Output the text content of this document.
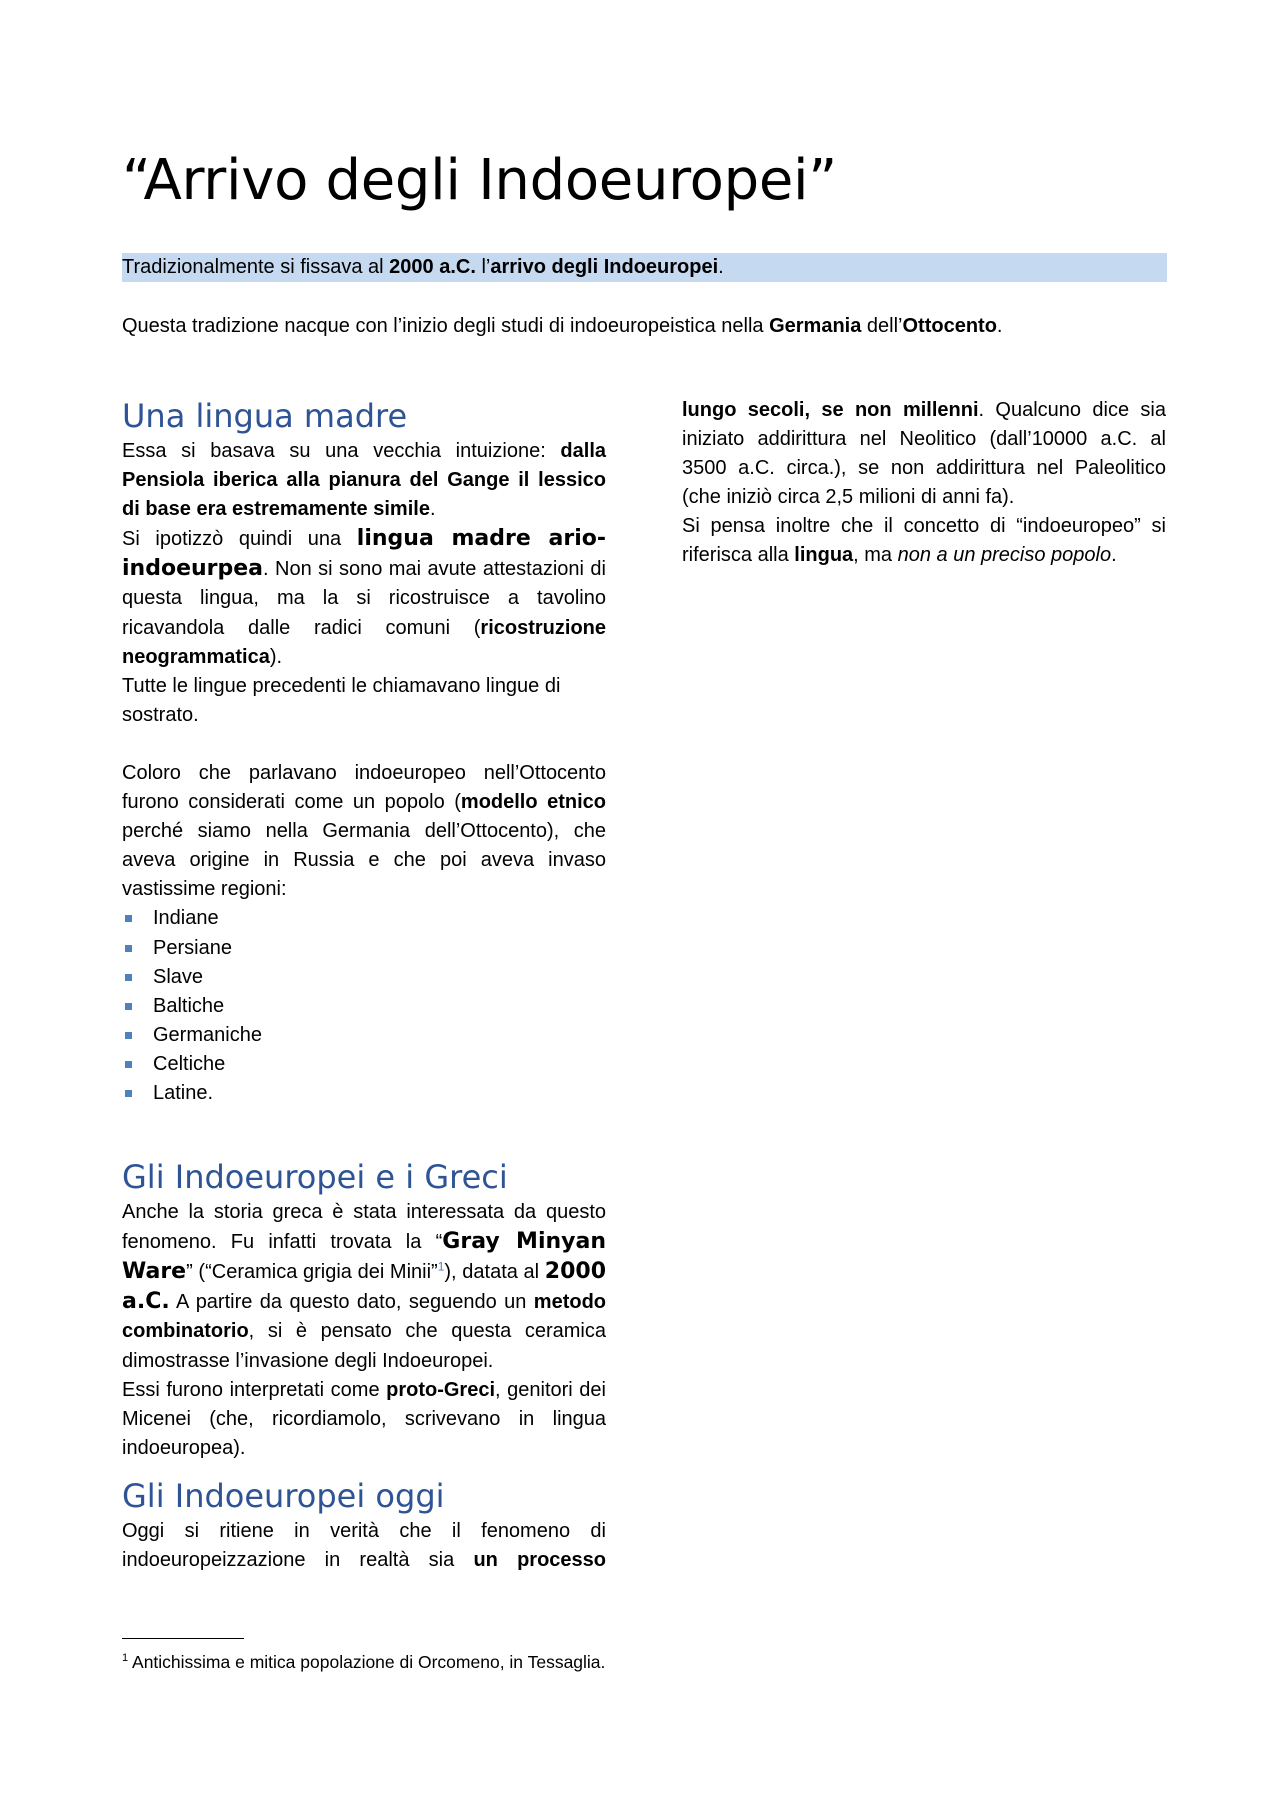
“Arrivo degli Indoeuropei”
Tradizionalmente si fissava al 2000 a.C. l’arrivo degli Indoeuropei.
Questa tradizione nacque con l’inizio degli studi di indoeuropeistica nella Germania dell’Ottocento.
Una lingua madre

Essa si basava su una vecchia intuizione: dalla Pensiola iberica alla pianura del Gange il lessico di base era estremamente simile.

Si ipotizzò quindi una lingua madre ario-indoeurpea. Non si sono mai avute attestazioni di questa lingua, ma la si ricostruisce a tavolino ricavandola dalle radici comuni (ricostruzione neogrammatica).

Tutte le lingue precedenti le chiamavano lingue di sostrato.

Coloro che parlavano indoeuropeo nell’Ottocento furono considerati come un popolo (modello etnico perché siamo nella Germania dell’Ottocento), che aveva origine in Russia e che poi aveva invaso vastissime regioni:

Indiane
Persiane
Slave
Baltiche
Germaniche
Celtiche
Latine.
Gli Indoeuropei e i Greci

Anche la storia greca è stata interessata da questo fenomeno. Fu infatti trovata la “Gray Minyan Ware” (“Ceramica grigia dei Minii”$^1$), datata al 2000 a.C. A partire da questo dato, seguendo un metodo combinatorio, si è pensato che questa ceramica dimostrasse l’invasione degli Indoeuropei.

Essi furono interpretati come proto-Greci, genitori dei Micenei (che, ricordiamolo, scrivevano in lingua indoeuropea).

Gli Indoeuropei oggi

Oggi si ritiene in verità che il fenomeno di indoeuropeizzazione in realtà sia un processo

lungo secoli, se non millenni. Qualcuno dice sia iniziato addirittura nel Neolitico (dall’10000 a.C. al 3500 a.C. circa.), se non addirittura nel Paleolitico (che iniziò circa 2,5 milioni di anni fa).

Si pensa inoltre che il concetto di “indoeuropeo” si riferisca alla lingua, ma non a un preciso popolo.

$^1$ Antichissima e mitica popolazione di Orcomeno, in Tessaglia.
